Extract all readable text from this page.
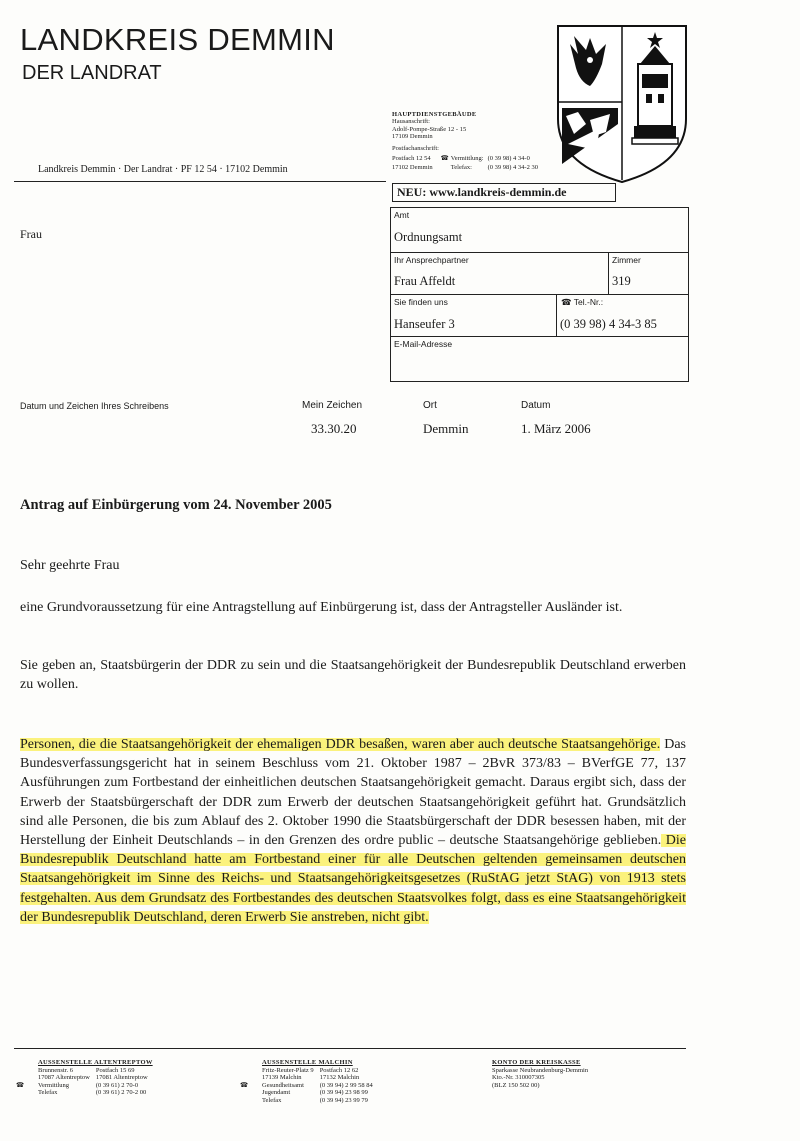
LANDKREIS DEMMIN
DER LANDRAT
HAUPTDIENSTGEBÄUDE
Hausanschrift:
Adolf-Pompe-Straße 12 - 15
17109 Demmin
Postfachanschrift:
Postfach 12 54	☎	Vermittlung:	(0 39 98) 4 34-0
17102 Demmin		Telefax:	(0 39 98) 4 34-2 30
NEU: www.landkreis-demmin.de
Landkreis Demmin · Der Landrat · PF 12 54 · 17102 Demmin
Frau
Amt
Ordnungsamt
Ihr Ansprechpartner
Frau Affeldt
Zimmer
319
Sie finden uns
Hanseufer 3
☎ Tel.-Nr.:
(0 39 98) 4 34-3 85
E-Mail-Adresse
Datum und Zeichen Ihres Schreibens	Mein Zeichen
33.30.20
Ort
Demmin
Datum
1. März 2006
Antrag auf Einbürgerung vom 24. November 2005
Sehr geehrte Frau
eine Grundvoraussetzung für eine Antragstellung auf Einbürgerung ist, dass der Antragsteller Ausländer ist.
Sie geben an, Staatsbürgerin der DDR zu sein und die Staatsangehörigkeit der Bundesrepublik Deutschland erwerben zu wollen.
Personen, die die Staatsangehörigkeit der ehemaligen DDR besaßen, waren aber auch deutsche Staatsangehörige. Das Bundesverfassungsgericht hat in seinem Beschluss vom 21. Oktober 1987 – 2BvR 373/83 – BVerfGE 77, 137 Ausführungen zum Fortbestand der einheitlichen deutschen Staatsangehörigkeit gemacht. Daraus ergibt sich, dass der Erwerb der Staatsbürgerschaft der DDR zum Erwerb der deutschen Staatsangehörigkeit geführt hat. Grundsätzlich sind alle Personen, die bis zum Ablauf des 2. Oktober 1990 die Staatsbürgerschaft der DDR besessen haben, mit der Herstellung der Einheit Deutschlands – in den Grenzen des ordre public – deutsche Staatsangehörige geblieben. Die Bundesrepublik Deutschland hatte am Fortbestand einer für alle Deutschen geltenden gemeinsamen deutschen Staatsangehörigkeit im Sinne des Reichs- und Staatsangehörigkeitsgesetzes (RuStAG jetzt StAG) von 1913 stets festgehalten. Aus dem Grundsatz des Fortbestandes des deutschen Staatsvolkes folgt, dass es eine Staatsangehörigkeit der Bundesrepublik Deutschland, deren Erwerb Sie anstreben, nicht gibt.
AUSSENSTELLE ALTENTREPTOW
Brunnenstr. 6	Postfach 15 69
17087 Altentreptow	17081 Altentreptow

☎ Vermittlung	(0 39 61) 2 70-0
Telefax	(0 39 61) 2 70-2 00
AUSSENSTELLE MALCHIN
Fritz-Reuter-Platz 9	Postfach 12 62
17139 Malchin	17132 Malchin

☎ Gesundheitsamt	(0 39 94) 2 99 58 84
Jugendamt	(0 39 94) 23 98 99
Telefax	(0 39 94) 23 99 79
KONTO DER KREISKASSE
Sparkasse Neubrandenburg-Demmin
Kto.-Nr. 310007305
(BLZ 150 502 00)
